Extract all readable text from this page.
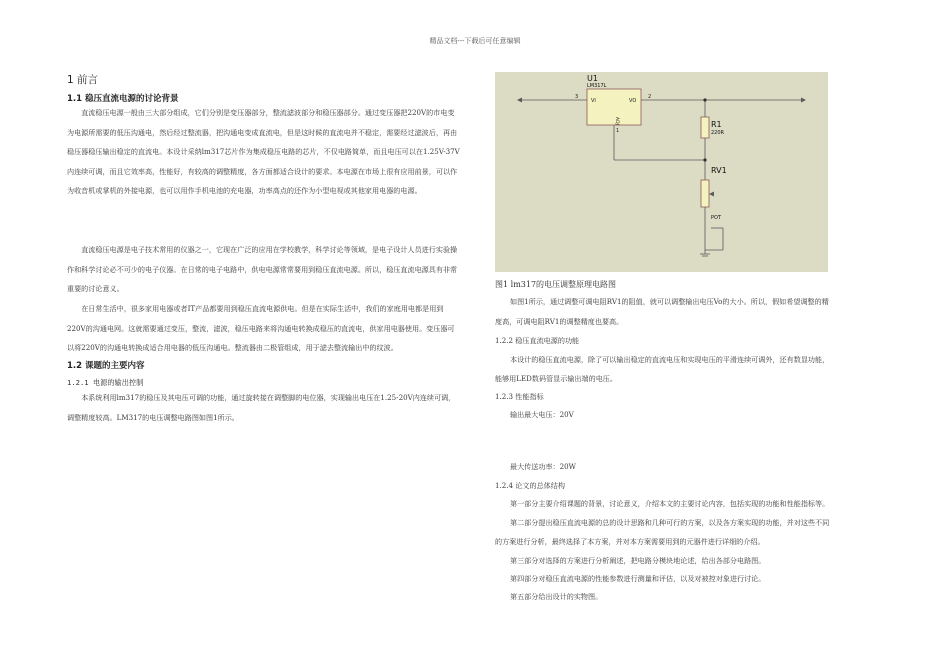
精品文档---下载后可任意编辑
1 前言
1.1 稳压直流电源的讨论背景

直流稳压电源一般由三大部分组成，它们分别是变压器部分，整流滤波部分和稳压器部分。通过变压器把220V的市电变为电源所需要的低压沟通电，然后经过整流器，把沟通电变成直流电，但是这时候的直流电并不稳定，需要经过滤波后，再由稳压器稳压输出稳定的直流电。本设计采纳lm317芯片作为集成稳压电路的芯片，不仅电路简单，而且电压可以在1.25V-37V内连续可调，而且它效率高，性能好，有较高的调整精度，各方面都适合设计的要求。本电源在市场上很有应用前景，可以作为收音机或掌机的外接电源，也可以用作手机电池的充电器，功率高点的还作为小型电视或其他家用电器的电源。

直流稳压电源是电子技术常用的仪器之一，它现在广泛的应用在学校教学，科学讨论等领域，是电子设计人员进行实验操作和科学讨论必不可少的电子仪器。在日常的电子电路中，供电电源常常要用到稳压直流电源。所以，稳压直流电源具有非常重要的讨论意义。

在日常生活中，很多家用电器或者IT产品都要用到稳压直流电源供电。但是在实际生活中，我们的家庭用电都是用到220V的沟通电网。这就需要通过变压，整流，滤波，稳压电路来将沟通电转换成稳压的直流电，供家用电器使用。变压器可以将220V的沟通电转换成适合用电器的低压沟通电。整流器由二极管组成，用于滤去整流输出中的纹波。

1.2 课题的主要内容
1.2.1 电源的输出控制

本系统利用lm317的稳压及其电压可调的功能，通过旋转接在调整脚的电位器，实现输出电压在1.25-20V内连续可调，调整精度较高。LM317的电压调整电路图如图1所示。

U1
LM317L
VI	VO
ADJ
3	2
1
R1
220R
RV1
POT
图1 lm317的电压调整原理电路图
如图1所示，通过调整可调电阻RV1的阻值，就可以调整输出电压Vo的大小。所以，假如希望调整的精
度高，可调电阻RV1的调整精度也要高。
1.2.2 稳压直流电源的功能
本设计的稳压直流电源，除了可以输出稳定的直流电压和实现电压的平滑连续可调外，还有数显功能，
能够用LED数码管显示输出端的电压。
1.2.3 性能指标
输出最大电压：20V
最大传送功率：20W
1.2.4 论文的总体结构
第一部分主要介绍课题的背景，讨论意义，介绍本文的主要讨论内容，包括实现的功能和性能指标等。
第二部分提出稳压直流电源的总的设计思路和几种可行的方案，以及各方案实现的功能，并对这些不同
的方案进行分析，最终选择了本方案，并对本方案需要用到的元器件进行详细的介绍。
第三部分对选择的方案进行分析阐述，把电路分模块地论述，给出各部分电路图。
第四部分对稳压直流电源的性能参数进行测量和评估，以及对被控对象进行讨论。
第五部分给出设计的实物图。
